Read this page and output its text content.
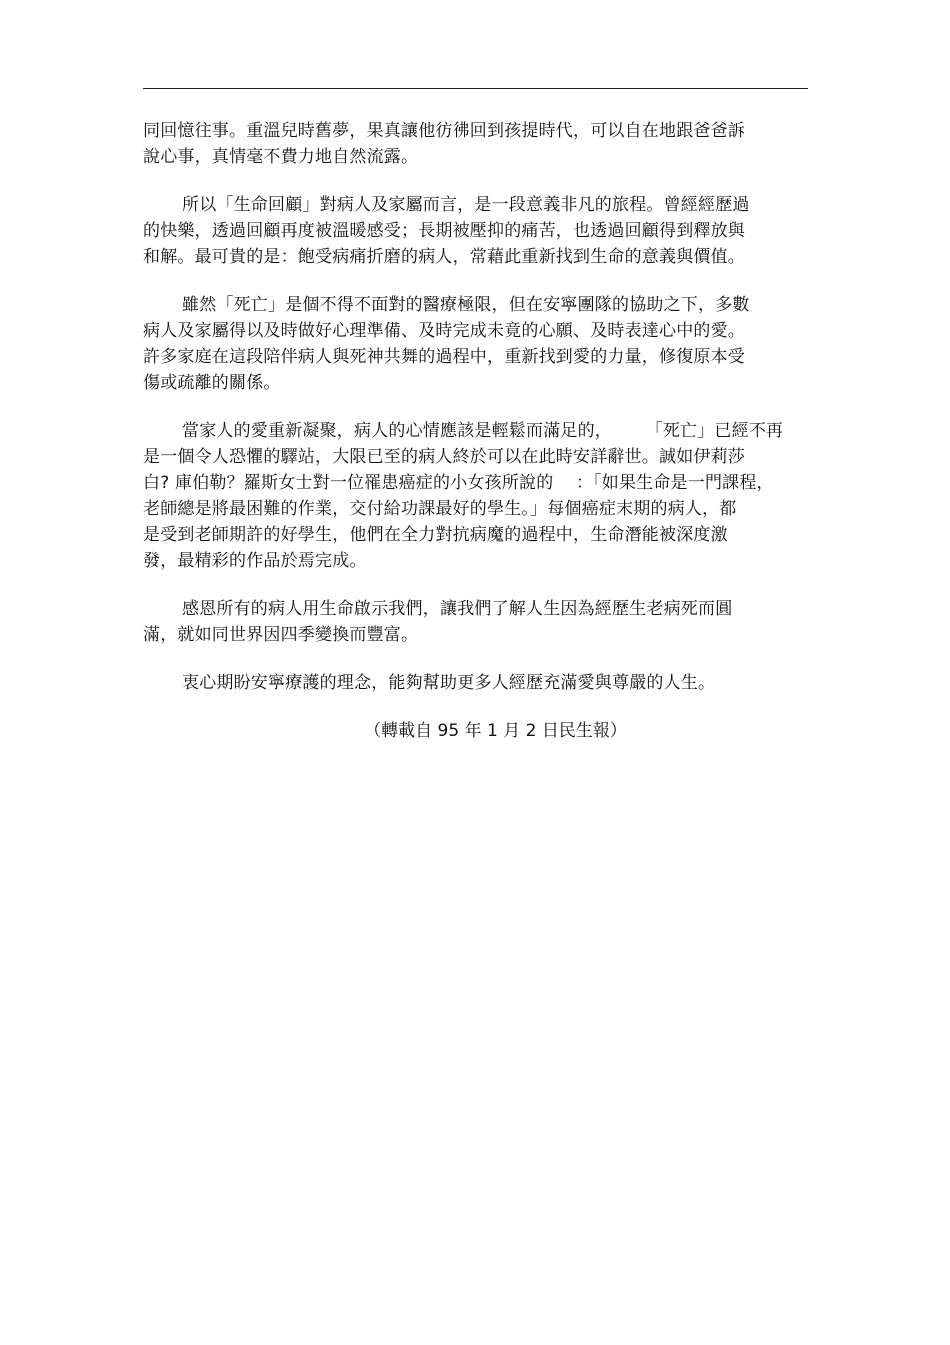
同回憶往事。重溫兒時舊夢，果真讓他彷彿回到孩提時代，可以自在地跟爸爸訴
說心事，真情毫不費力地自然流露。
所以「生命回顧」對病人及家屬而言，是一段意義非凡的旅程。曾經經歷過
的快樂，透過回顧再度被溫暖感受；長期被壓抑的痛苦，也透過回顧得到釋放與
和解。最可貴的是：飽受病痛折磨的病人，常藉此重新找到生命的意義與價值。
雖然「死亡」是個不得不面對的醫療極限，但在安寧團隊的協助之下，多數
病人及家屬得以及時做好心理準備、及時完成未竟的心願、及時表達心中的愛。
許多家庭在這段陪伴病人與死神共舞的過程中，重新找到愛的力量，修復原本受
傷或疏離的關係。
當家人的愛重新凝聚，病人的心情應該是輕鬆而滿足的，      「死亡」已經不再
是一個令人恐懼的驛站，大限已至的病人終於可以在此時安詳辭世。誠如伊莉莎
白? 庫伯勒？羅斯女士對一位罹患癌症的小女孩所說的    ：「如果生命是一門課程，
老師總是將最困難的作業，交付給功課最好的學生。」每個癌症末期的病人，都
是受到老師期許的好學生，他們在全力對抗病魔的過程中，生命潛能被深度激
發，最精彩的作品於焉完成。
感恩所有的病人用生命啟示我們，讓我們了解人生因為經歷生老病死而圓
滿，就如同世界因四季變換而豐富。
衷心期盼安寧療護的理念，能夠幫助更多人經歷充滿愛與尊嚴的人生。
（轉載自 95 年 1 月 2 日民生報）
